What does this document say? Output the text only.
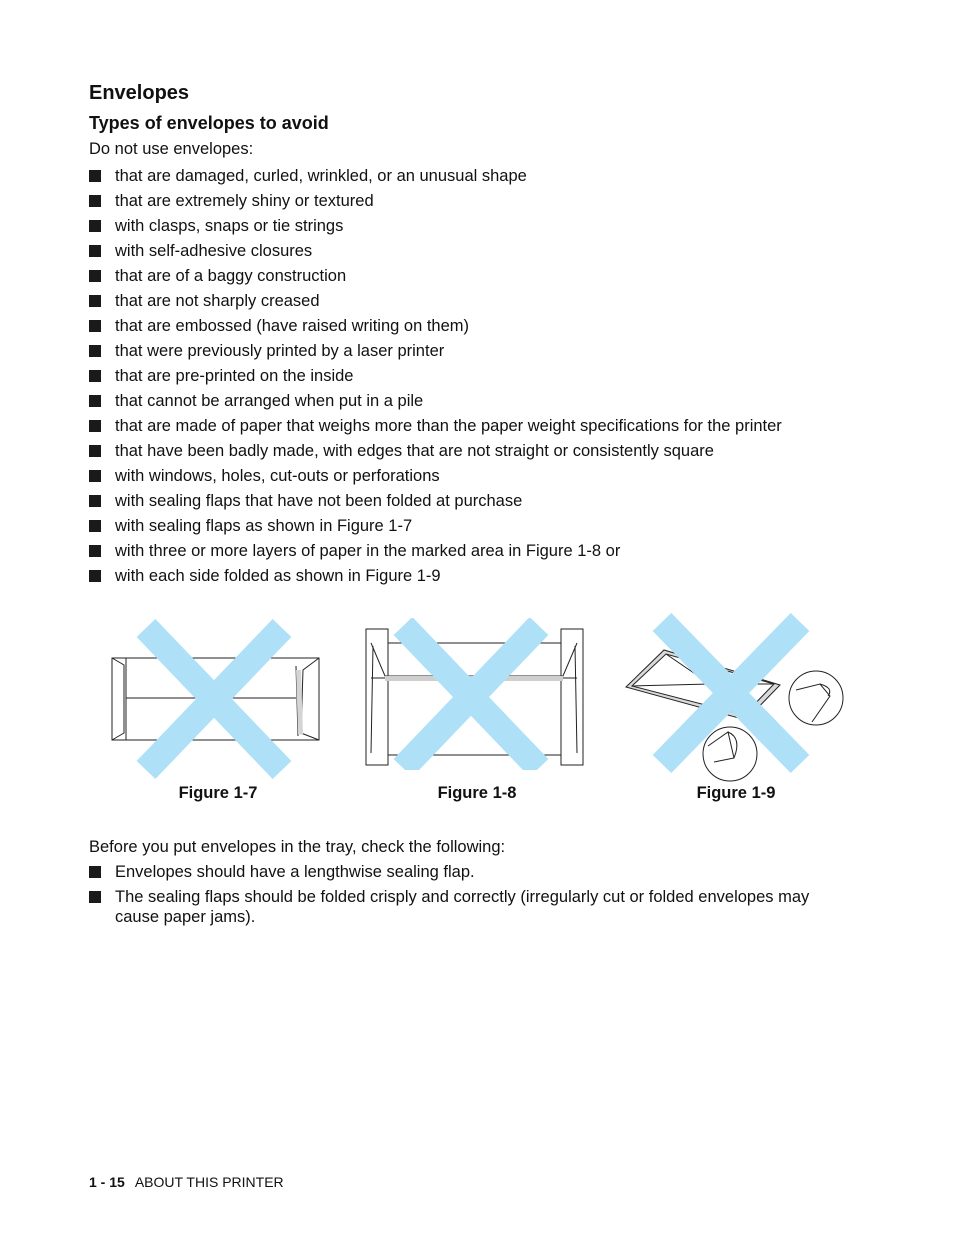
Envelopes
Types of envelopes to avoid

Do not use envelopes:

that are damaged, curled, wrinkled, or an unusual shape
that are extremely shiny or textured
with clasps, snaps or tie strings
with self-adhesive closures
that are of a baggy construction
that are not sharply creased
that are embossed (have raised writing on them)
that were previously printed by a laser printer
that are pre-printed on the inside
that cannot be arranged when put in a pile
that are made of paper that weighs more than the paper weight specifications for the printer
that have been badly made, with edges that are not straight or consistently square
with windows, holes, cut-outs or perforations
with sealing flaps that have not been folded at purchase
with sealing flaps as shown in Figure 1-7
with three or more layers of paper in the marked area in Figure 1-8 or
with each side folded as shown in Figure 1-9
Figure 1-7	Figure 1-8	Figure 1-9

Before you put envelopes in the tray, check the following:

Envelopes should have a lengthwise sealing flap.
The sealing flaps should be folded crisply and correctly (irregularly cut or folded envelopes may cause paper jams).
1 - 15 ABOUT THIS PRINTER
